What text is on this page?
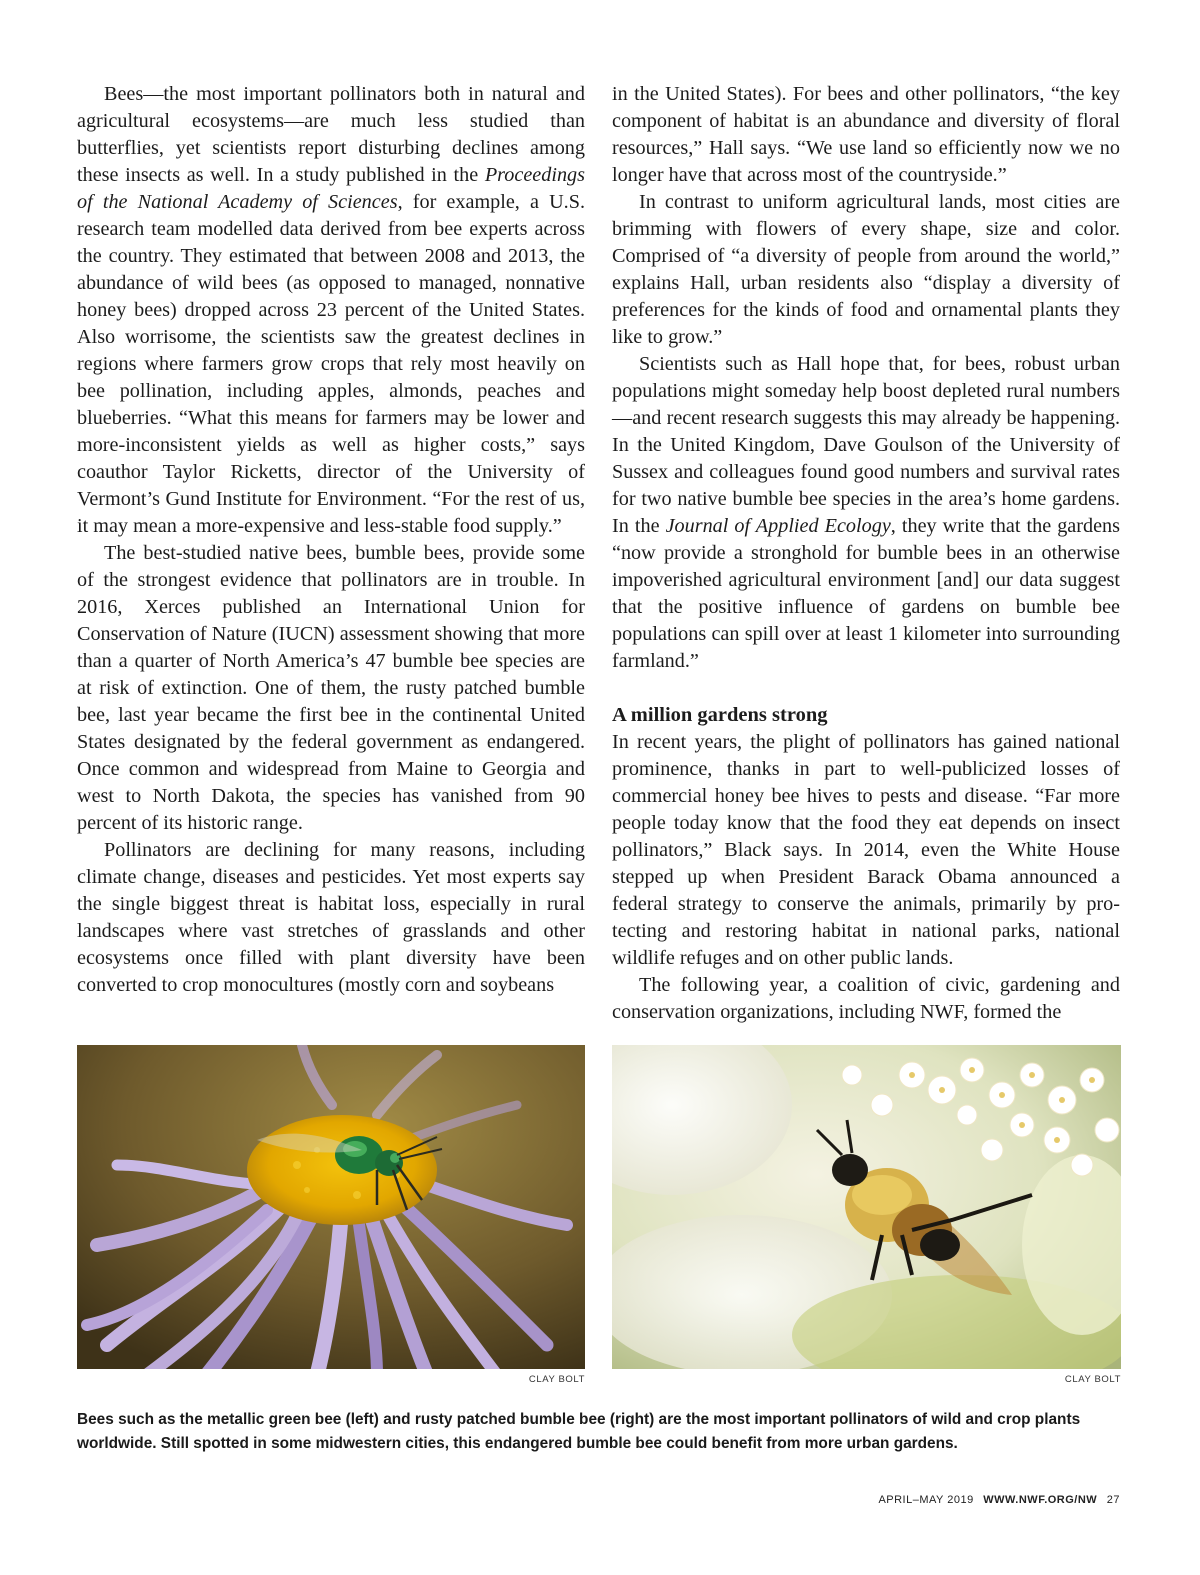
Bees—the most important pollinators both in natural and agricultural ecosystems—are much less studied than butterflies, yet scientists report disturbing declines among these insects as well. In a study published in the Proceedings of the National Academy of Sciences, for example, a U.S. research team modelled data derived from bee experts across the country. They estimated that between 2008 and 2013, the abundance of wild bees (as opposed to managed, nonnative honey bees) dropped across 23 percent of the United States. Also worrisome, the scientists saw the greatest declines in regions where farmers grow crops that rely most heavily on bee pollination, including apples, almonds, peaches and blueberries. “What this means for farmers may be lower and more-inconsistent yields as well as higher costs,” says coauthor Taylor Ricketts, director of the University of Vermont’s Gund Institute for Environment. “For the rest of us, it may mean a more-expensive and less-stable food supply.”

The best-studied native bees, bumble bees, provide some of the strongest evidence that pollinators are in trouble. In 2016, Xerces published an International Union for Conservation of Nature (IUCN) assessment showing that more than a quarter of North America’s 47 bumble bee species are at risk of extinction. One of them, the rusty patched bumble bee, last year became the first bee in the continental United States designated by the federal government as endangered. Once common and widespread from Maine to Georgia and west to North Dakota, the species has vanished from 90 percent of its historic range.

Pollinators are declining for many reasons, including climate change, diseases and pesticides. Yet most experts say the single biggest threat is habitat loss, especially in rural landscapes where vast stretches of grasslands and other ecosystems once filled with plant diversity have been converted to crop monocultures (mostly corn and soybeans

in the United States). For bees and other pollinators, “the key component of habitat is an abundance and diversity of floral resources,” Hall says. “We use land so efficiently now we no longer have that across most of the countryside.”

In contrast to uniform agricultural lands, most cities are brimming with flowers of every shape, size and color. Comprised of “a diversity of people from around the world,” explains Hall, urban residents also “display a diversity of preferences for the kinds of food and ornamental plants they like to grow.”

Scientists such as Hall hope that, for bees, robust urban populations might someday help boost depleted rural numbers—and recent research suggests this may already be happening. In the United Kingdom, Dave Goulson of the University of Sussex and colleagues found good numbers and survival rates for two native bumble bee species in the area’s home gardens. In the Journal of Applied Ecology, they write that the gardens “now provide a stronghold for bumble bees in an otherwise impoverished agricultural environment [and] our data suggest that the positive influence of gardens on bumble bee populations can spill over at least 1 kilometer into surrounding farmland.”

A million gardens strong

In recent years, the plight of pollinators has gained national prominence, thanks in part to well-publicized losses of commercial honey bee hives to pests and disease. “Far more people today know that the food they eat depends on insect pollinators,” Black says. In 2014, even the White House stepped up when President Barack Obama announced a federal strategy to conserve the animals, primarily by protecting and restoring habitat in national parks, national wildlife refuges and on other public lands.

The following year, a coalition of civic, gardening and conservation organizations, including NWF, formed the

CLAY BOLT	CLAY BOLT
Bees such as the metallic green bee (left) and rusty patched bumble bee (right) are the most important pollinators of wild and crop plants worldwide. Still spotted in some midwestern cities, this endangered bumble bee could benefit from more urban gardens.
APRIL–MAY 2019 WWW.NWF.ORG/NW 27
